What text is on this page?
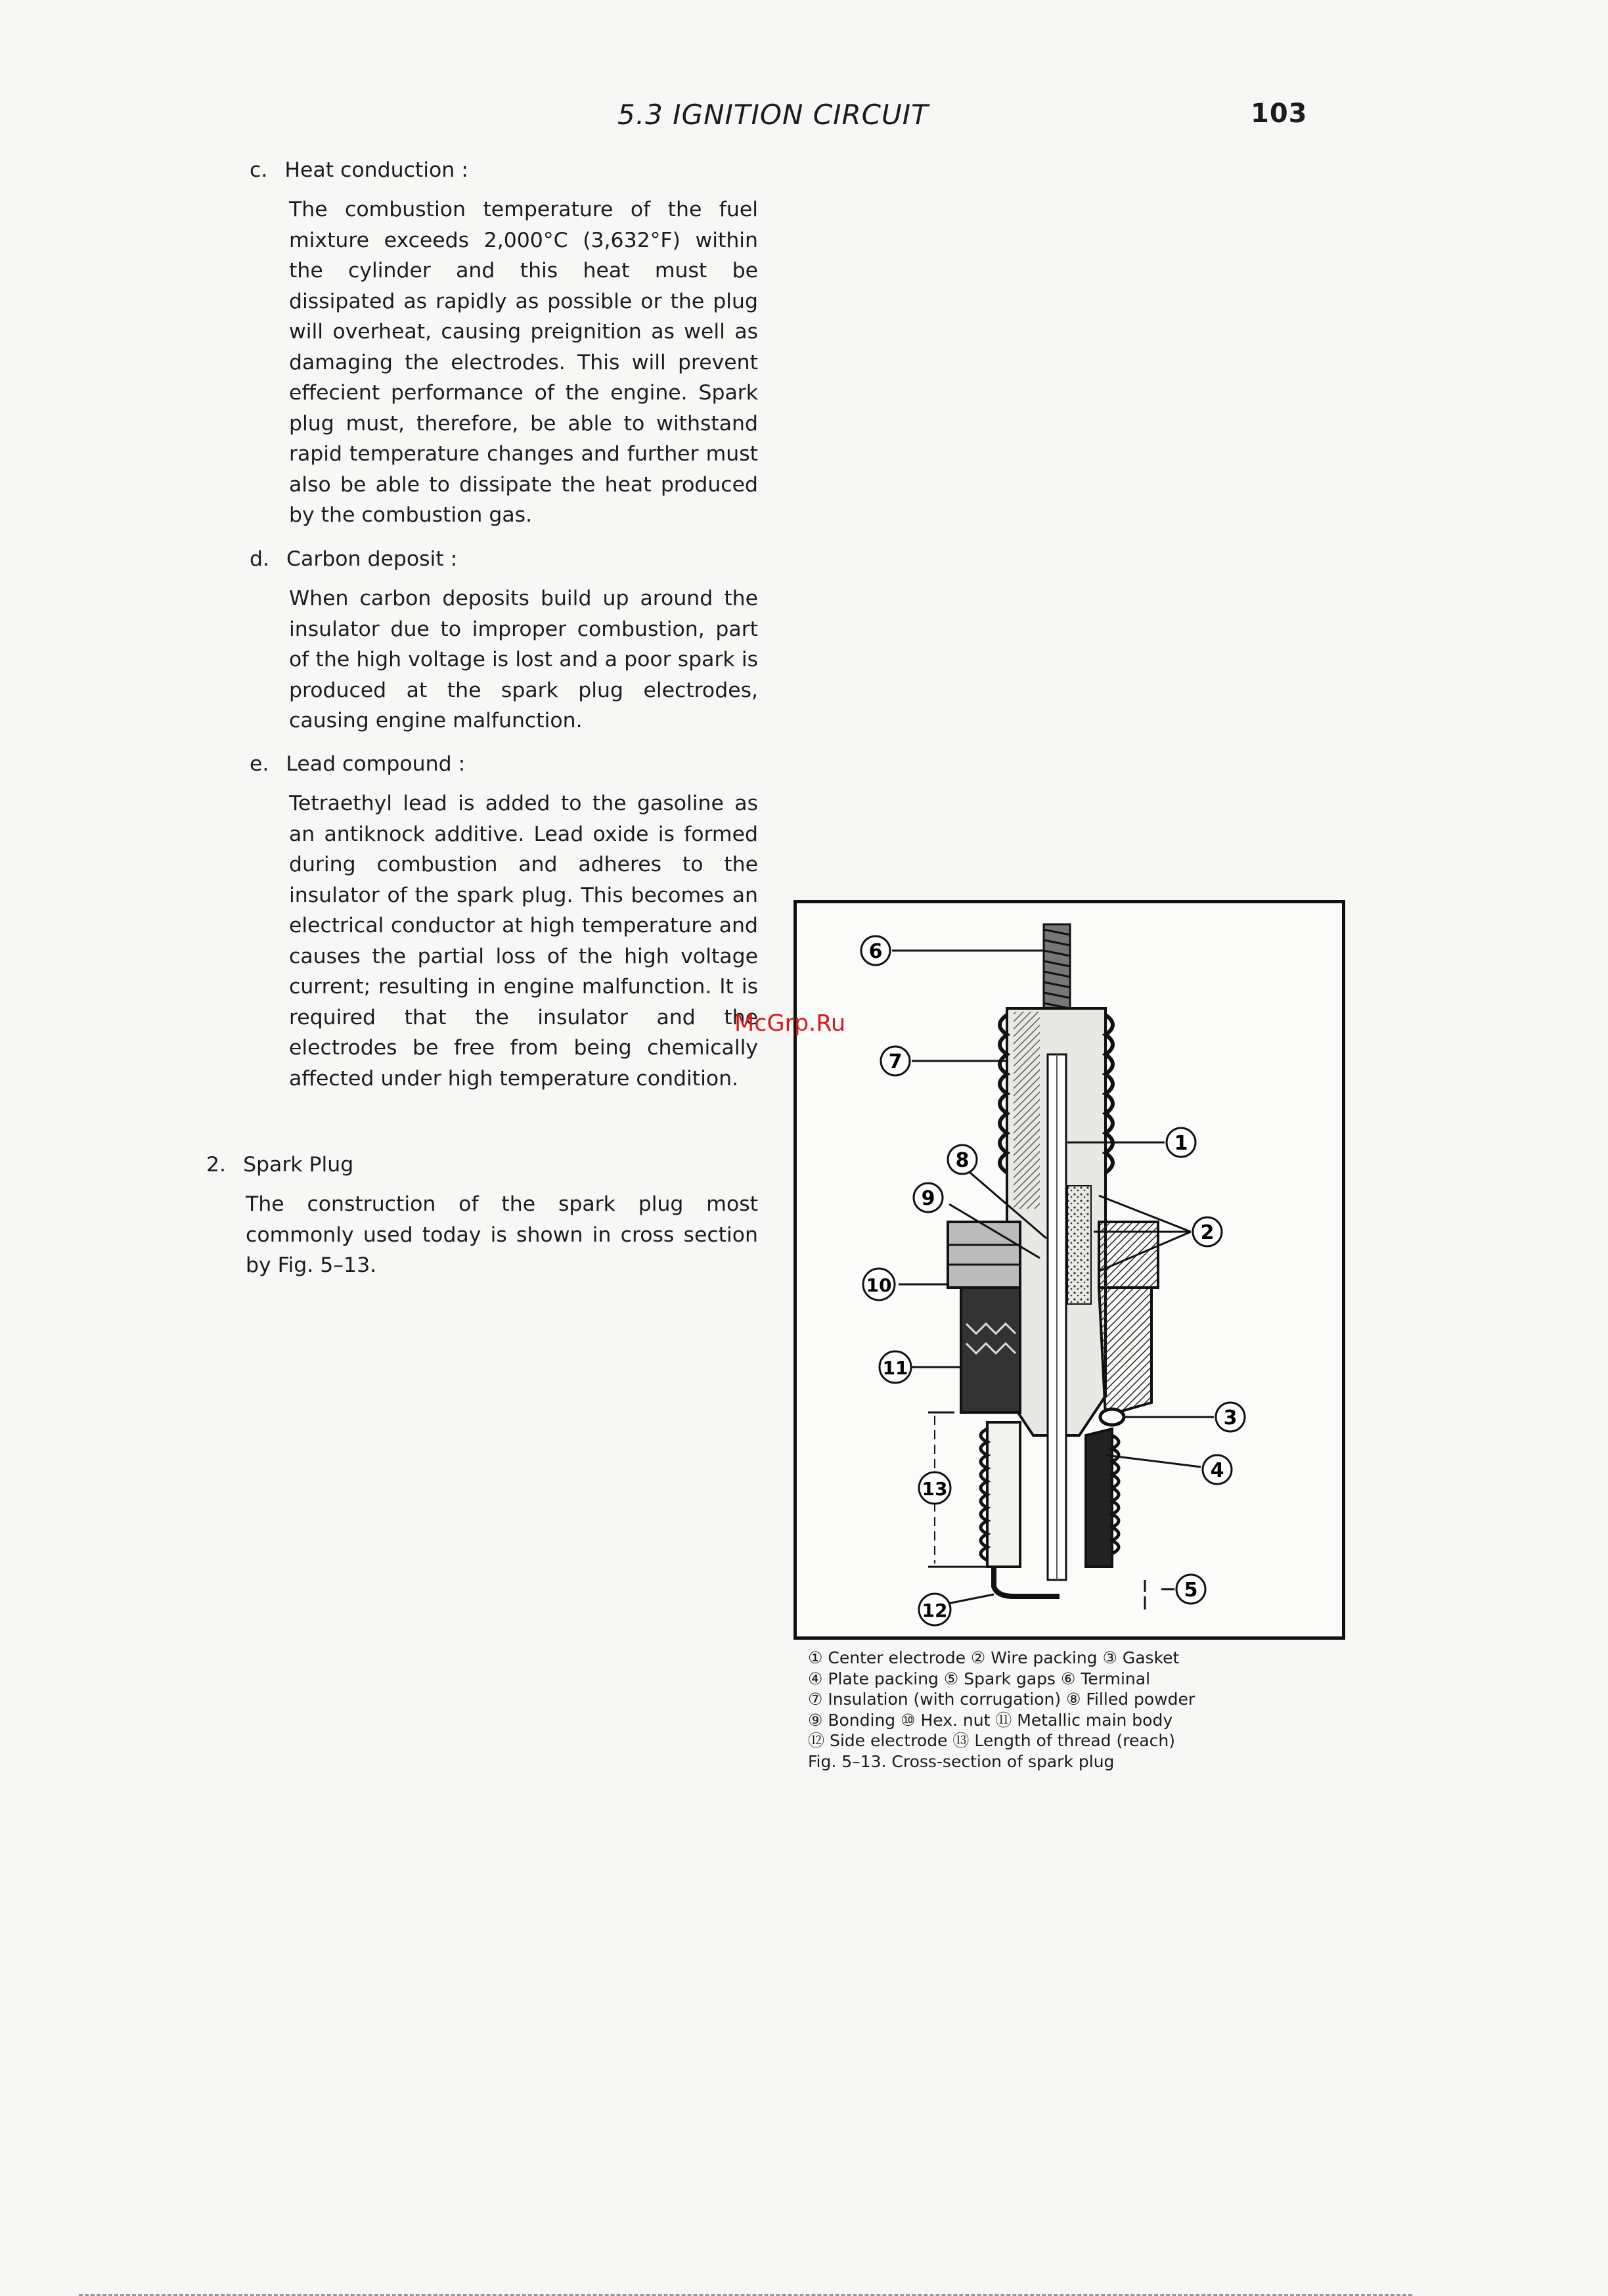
5.3 IGNITION CIRCUIT	103
c. Heat conduction :
The combustion temperature of the fuel mixture exceeds 2,000°C (3,632°F) within the cylinder and this heat must be dissipated as rapidly as possible or the plug will overheat, causing preignition as well as damaging the electrodes. This will prevent effecient performance of the engine. Spark plug must, therefore, be able to withstand rapid temperature changes and further must also be able to dissipate the heat produced by the combustion gas.
d. Carbon deposit :
When carbon deposits build up around the insulator due to improper combustion, part of the high voltage is lost and a poor spark is produced at the spark plug electrodes, causing engine malfunction.
e. Lead compound :
Tetraethyl lead is added to the gasoline as an antiknock additive. Lead oxide is formed during combustion and adheres to the insulator of the spark plug. This becomes an electrical conductor at high temperature and causes the partial loss of the high voltage current; resulting in engine malfunction. It is required that the insulator and the electrodes be free from being chemically affected under high temperature condition.
2. Spark Plug
The construction of the spark plug most commonly used today is shown in cross section by Fig. 5–13.
6
7
1
8
9
2
10
11
3
4
13
5
12
McGrp.Ru
① Center electrode ② Wire packing ③ Gasket
④ Plate packing ⑤ Spark gaps ⑥ Terminal
⑦ Insulation (with corrugation) ⑧ Filled powder
⑨ Bonding ⑩ Hex. nut ⑪ Metallic main body
⑫ Side electrode ⑬ Length of thread (reach)
Fig. 5–13. Cross-section of spark plug
